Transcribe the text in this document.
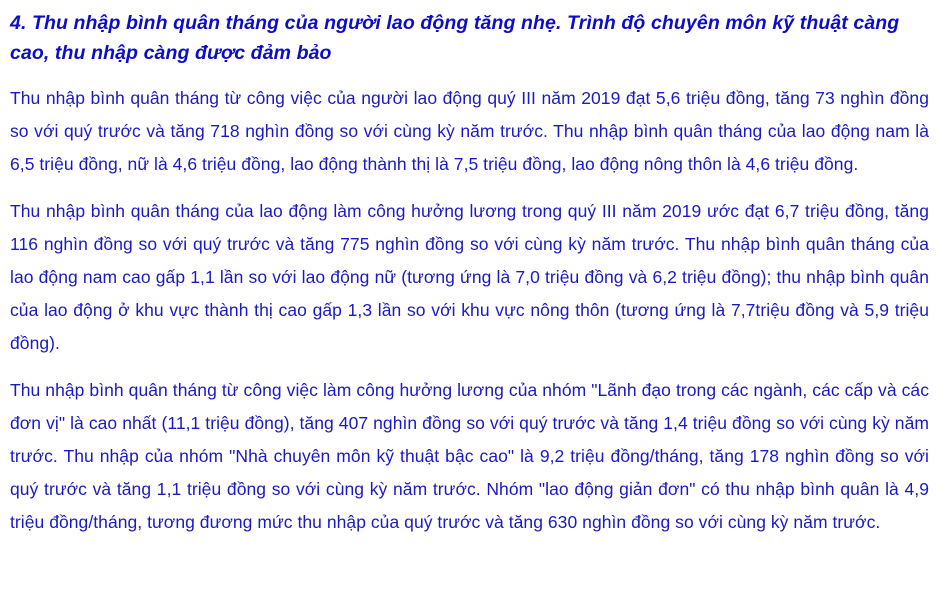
4. Thu nhập bình quân tháng của người lao động tăng nhẹ. Trình độ chuyên môn kỹ thuật càng cao, thu nhập càng được đảm bảo

Thu nhập bình quân tháng từ công việc của người lao động quý III năm 2019 đạt 5,6 triệu đồng, tăng 73 nghìn đồng so với quý trước và tăng 718 nghìn đồng so với cùng kỳ năm trước. Thu nhập bình quân tháng của lao động nam là 6,5 triệu đồng, nữ là 4,6 triệu đồng, lao động thành thị là 7,5 triệu đồng, lao động nông thôn là 4,6 triệu đồng.

Thu nhập bình quân tháng của lao động làm công hưởng lương trong quý III năm 2019 ước đạt 6,7 triệu đồng, tăng 116 nghìn đồng so với quý trước và tăng 775 nghìn đồng so với cùng kỳ năm trước. Thu nhập bình quân tháng của lao động nam cao gấp 1,1 lần so với lao động nữ (tương ứng là 7,0 triệu đồng và 6,2 triệu đồng); thu nhập bình quân của lao động ở khu vực thành thị cao gấp 1,3 lần so với khu vực nông thôn (tương ứng là 7,7triệu đồng và 5,9 triệu đồng).

Thu nhập bình quân tháng từ công việc làm công hưởng lương của nhóm "Lãnh đạo trong các ngành, các cấp và các đơn vị" là cao nhất (11,1 triệu đồng), tăng 407 nghìn đồng so với quý trước và tăng 1,4 triệu đồng so với cùng kỳ năm trước. Thu nhập của nhóm "Nhà chuyên môn kỹ thuật bậc cao" là 9,2 triệu đồng/tháng, tăng 178 nghìn đồng so với quý trước và tăng 1,1 triệu đồng so với cùng kỳ năm trước. Nhóm "lao động giản đơn" có thu nhập bình quân là 4,9 triệu đồng/tháng, tương đương mức thu nhập của quý trước và tăng 630 nghìn đồng so với cùng kỳ năm trước.
